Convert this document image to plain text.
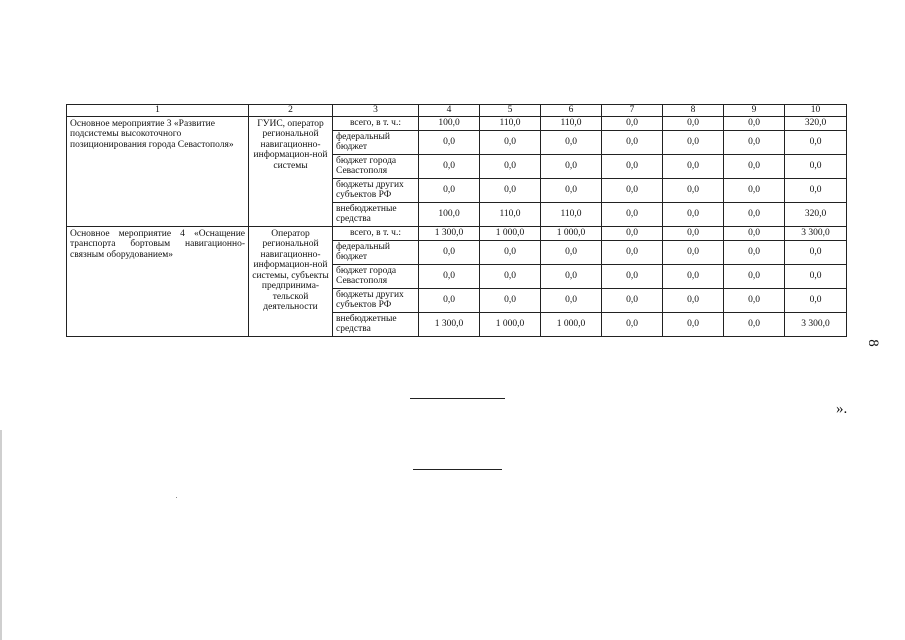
1	2	3	4	5	6	7	8	9	10
Основное мероприятие 3 «Развитие подсистемы высокоточного позиционирования города Севастополя»	ГУИС, оператор региональной навигационно-информацион-ной системы	всего, в т. ч.:	100,0	110,0	110,0	0,0	0,0	0,0	320,0
		федеральный бюджет	0,0	0,0	0,0	0,0	0,0	0,0	0,0
		бюджет города Севастополя	0,0	0,0	0,0	0,0	0,0	0,0	0,0
		бюджеты других субъектов РФ	0,0	0,0	0,0	0,0	0,0	0,0	0,0
		внебюджетные средства	100,0	110,0	110,0	0,0	0,0	0,0	320,0
Основное мероприятие 4 «Оснащение транспорта бортовым навигационно-связным оборудованием»	Оператор региональной навигационно-информацион-ной системы, субъекты предпринима-тельской деятельности	всего, в т. ч.:	1 300,0	1 000,0	1 000,0	0,0	0,0	0,0	3 300,0
		федеральный бюджет	0,0	0,0	0,0	0,0	0,0	0,0	0,0
		бюджет города Севастополя	0,0	0,0	0,0	0,0	0,0	0,0	0,0
		бюджеты других субъектов РФ	0,0	0,0	0,0	0,0	0,0	0,0	0,0
		внебюджетные средства	1 300,0	1 000,0	1 000,0	0,0	0,0	0,0	3 300,0
8
».
